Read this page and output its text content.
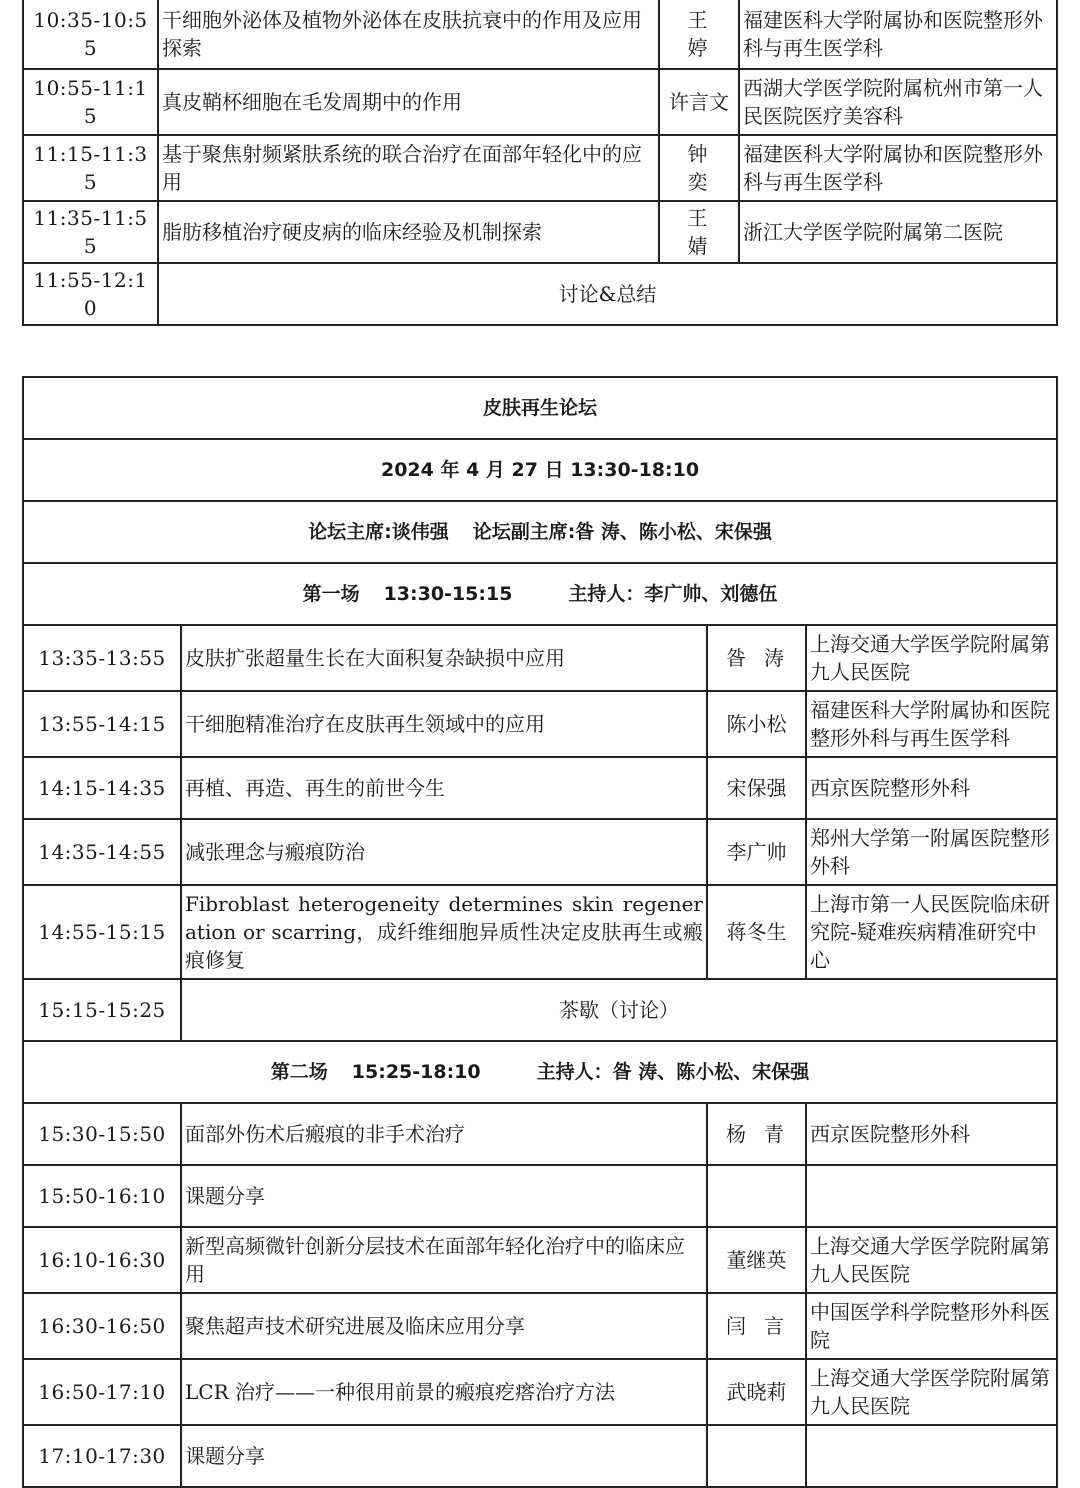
10:35-10:55	干细胞外泌体及植物外泌体在皮肤抗衰中的作用及应用探索	王婷	福建医科大学附属协和医院整形外科与再生医学科
10:55-11:15	真皮鞘杯细胞在毛发周期中的作用	许言文	西湖大学医学院附属杭州市第一人民医院医疗美容科
11:15-11:35	基于聚焦射频紧肤系统的联合治疗在面部年轻化中的应用	钟奕	福建医科大学附属协和医院整形外科与再生医学科
11:35-11:55	脂肪移植治疗硬皮病的临床经验及机制探索	王婧	浙江大学医学院附属第二医院
11:55-12:10	讨论&总结		
皮肤再生论坛			
2024 年 4 月 27 日 13:30-18:10			
论坛主席:谈伟强 论坛副主席:昝 涛、陈小松、宋保强			
第一场 13:30-15:15 主持人：李广帅、刘德伍			
13:35-13:55	皮肤扩张超量生长在大面积复杂缺损中应用	昝涛	上海交通大学医学院附属第九人民医院
13:55-14:15	干细胞精准治疗在皮肤再生领域中的应用	陈小松	福建医科大学附属协和医院整形外科与再生医学科
14:15-14:35	再植、再造、再生的前世今生	宋保强	西京医院整形外科
14:35-14:55	减张理念与瘢痕防治	李广帅	郑州大学第一附属医院整形外科
14:55-15:15	Fibroblast heterogeneity determines skin regeneration or scarring，成纤维细胞异质性决定皮肤再生或瘢痕修复	蒋冬生	上海市第一人民医院临床研究院-疑难疾病精准研究中心
15:15-15:25	茶歇（讨论）		
第二场 15:25-18:10 主持人：昝 涛、陈小松、宋保强			
15:30-15:50	面部外伤术后瘢痕的非手术治疗	杨青	西京医院整形外科
15:50-16:10	课题分享		
16:10-16:30	新型高频微针创新分层技术在面部年轻化治疗中的临床应用	董继英	上海交通大学医学院附属第九人民医院
16:30-16:50	聚焦超声技术研究进展及临床应用分享	闫言	中国医学科学院整形外科医院
16:50-17:10	LCR 治疗——一种很用前景的瘢痕疙瘩治疗方法	武晓莉	上海交通大学医学院附属第九人民医院
17:10-17:30	课题分享		
